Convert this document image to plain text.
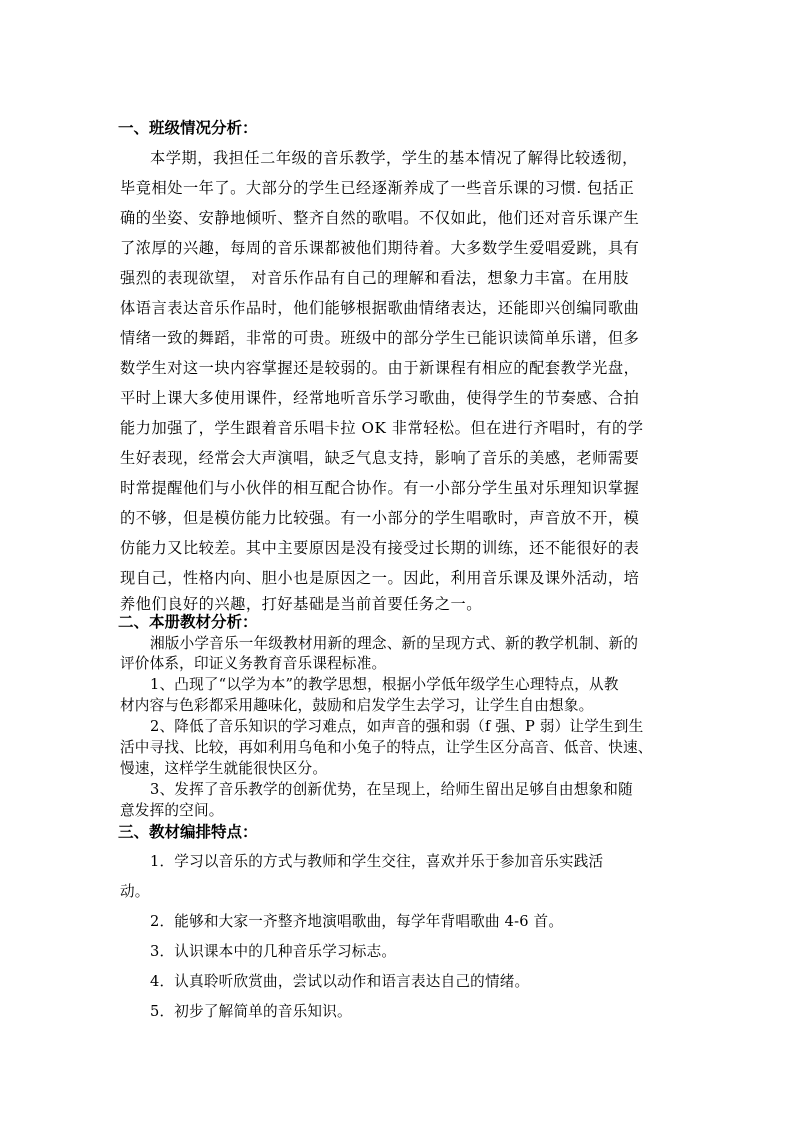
一、班级情况分析：
本学期，我担任二年级的音乐教学，学生的基本情况了解得比较透彻，
毕竟相处一年了。大部分的学生已经逐渐养成了一些音乐课的习惯. 包括正
确的坐姿、安静地倾听、整齐自然的歌唱。不仅如此，他们还对音乐课产生
了浓厚的兴趣，每周的音乐课都被他们期待着。大多数学生爱唱爱跳，具有
强烈的表现欲望， 对音乐作品有自己的理解和看法，想象力丰富。在用肢
体语言表达音乐作品时，他们能够根据歌曲情绪表达，还能即兴创编同歌曲
情绪一致的舞蹈，非常的可贵。班级中的部分学生已能识读简单乐谱，但多
数学生对这一块内容掌握还是较弱的。由于新课程有相应的配套教学光盘，
平时上课大多使用课件，经常地听音乐学习歌曲，使得学生的节奏感、合拍
能力加强了，学生跟着音乐唱卡拉 OK 非常轻松。但在进行齐唱时，有的学
生好表现，经常会大声演唱，缺乏气息支持，影响了音乐的美感，老师需要
时常提醒他们与小伙伴的相互配合协作。有一小部分学生虽对乐理知识掌握
的不够，但是模仿能力比较强。有一小部分的学生唱歌时，声音放不开，模
仿能力又比较差。其中主要原因是没有接受过长期的训练，还不能很好的表
现自己，性格内向、胆小也是原因之一。因此，利用音乐课及课外活动，培
养他们良好的兴趣，打好基础是当前首要任务之一。
二、本册教材分析：
湘版小学音乐一年级教材用新的理念、新的呈现方式、新的教学机制、新的
评价体系，印证义务教育音乐课程标准。
1、凸现了“以学为本”的教学思想，根据小学低年级学生心理特点，从教
材内容与色彩都采用趣味化，鼓励和启发学生去学习，让学生自由想象。
2、降低了音乐知识的学习难点，如声音的强和弱（f 强、P 弱）让学生到生
活中寻找、比较，再如利用乌龟和小兔子的特点，让学生区分高音、低音、快速、
慢速，这样学生就能很快区分。
3、发挥了音乐教学的创新优势，在呈现上，给师生留出足够自由想象和随
意发挥的空间。
三、教材编排特点：
1．学习以音乐的方式与教师和学生交往，喜欢并乐于参加音乐实践活
动。
2．能够和大家一齐整齐地演唱歌曲，每学年背唱歌曲 4-6 首。
3．认识课本中的几种音乐学习标志。
4．认真聆听欣赏曲，尝试以动作和语言表达自己的情绪。
5．初步了解简单的音乐知识。
